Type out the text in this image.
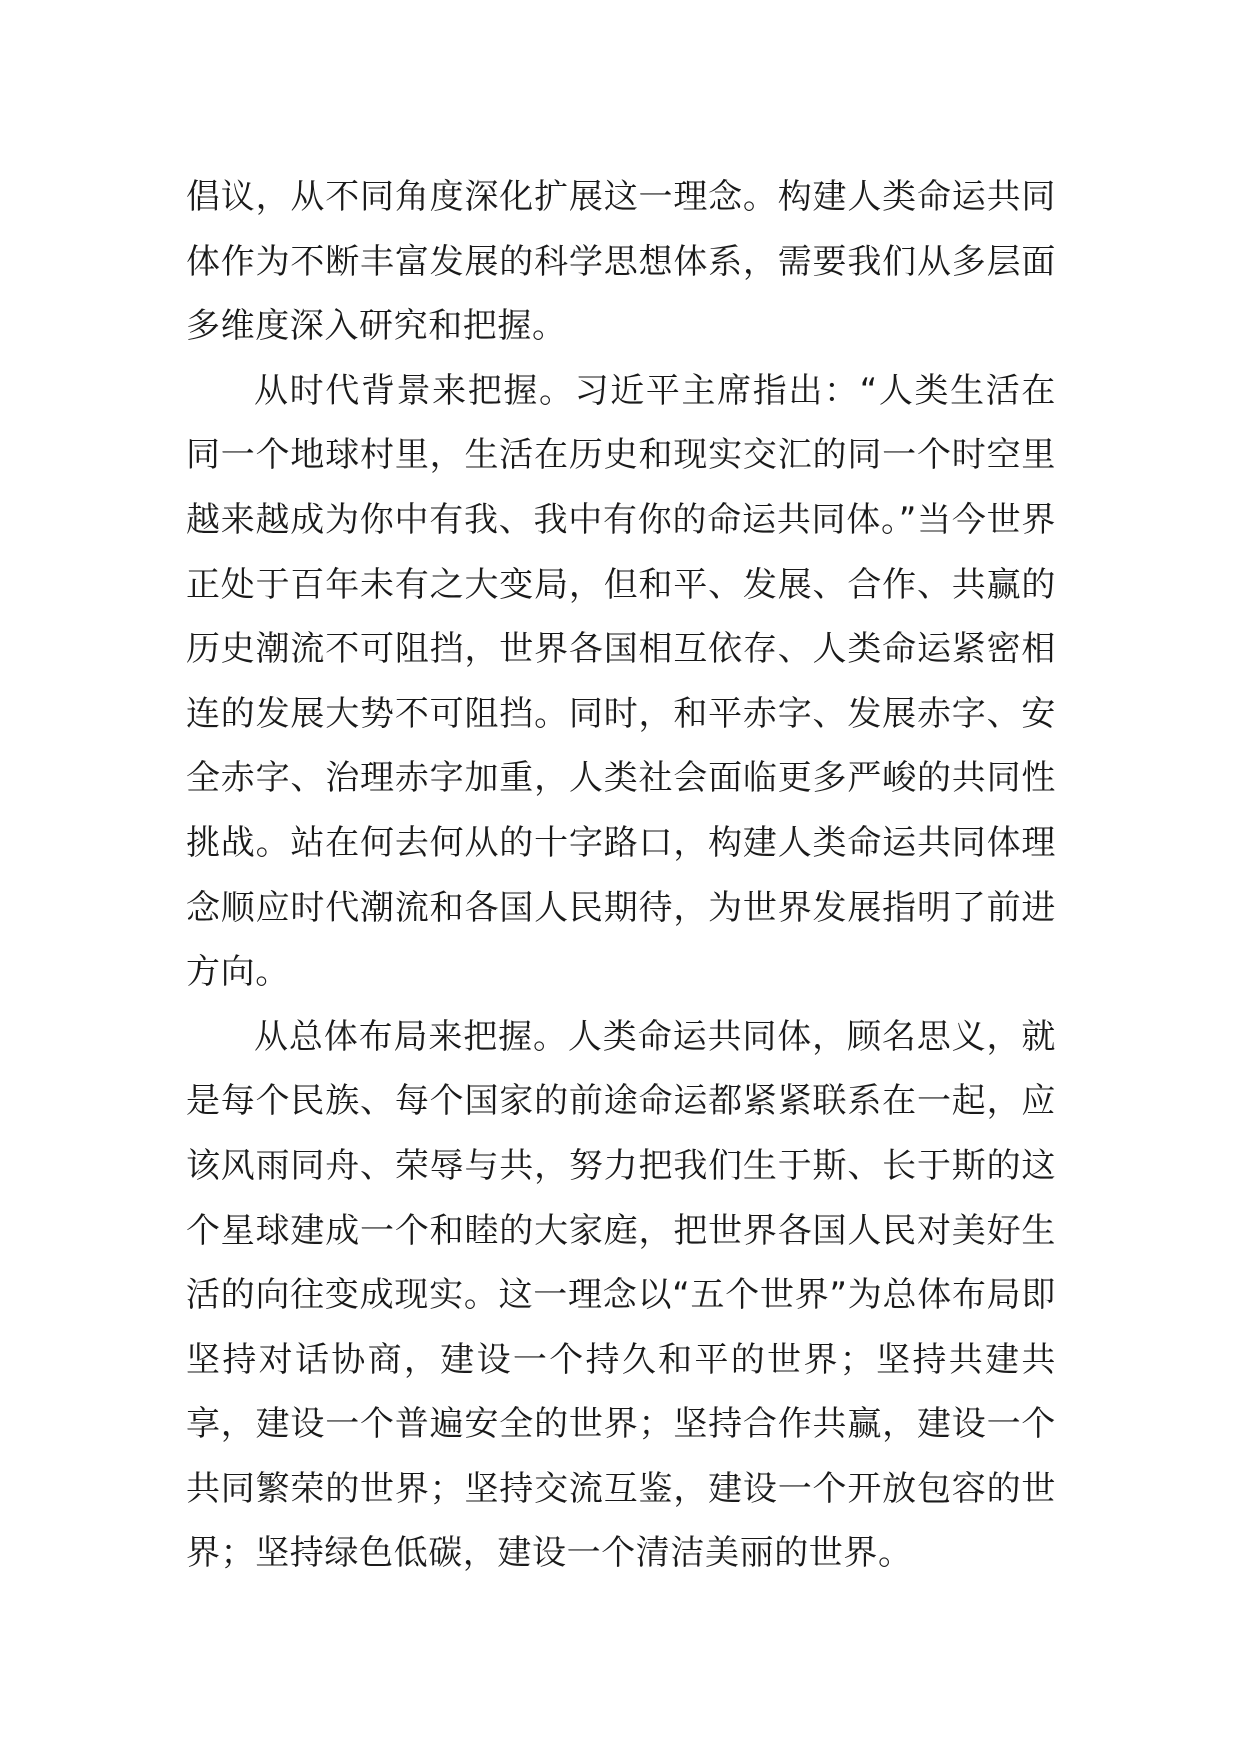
倡议，从不同角度深化扩展这一理念。构建人类命运共同体作为不断丰富发展的科学思想体系，需要我们从多层面多维度深入研究和把握。

从时代背景来把握。习近平主席指出：“人类生活在同一个地球村里，生活在历史和现实交汇的同一个时空里越来越成为你中有我、我中有你的命运共同体。”当今世界正处于百年未有之大变局，但和平、发展、合作、共赢的历史潮流不可阻挡，世界各国相互依存、人类命运紧密相连的发展大势不可阻挡。同时，和平赤字、发展赤字、安全赤字、治理赤字加重，人类社会面临更多严峻的共同性挑战。站在何去何从的十字路口，构建人类命运共同体理念顺应时代潮流和各国人民期待，为世界发展指明了前进方向。

从总体布局来把握。人类命运共同体，顾名思义，就是每个民族、每个国家的前途命运都紧紧联系在一起，应该风雨同舟、荣辱与共，努力把我们生于斯、长于斯的这个星球建成一个和睦的大家庭，把世界各国人民对美好生活的向往变成现实。这一理念以“五个世界”为总体布局即坚持对话协商，建设一个持久和平的世界；坚持共建共享，建设一个普遍安全的世界；坚持合作共赢，建设一个共同繁荣的世界；坚持交流互鉴，建设一个开放包容的世界；坚持绿色低碳，建设一个清洁美丽的世界。
